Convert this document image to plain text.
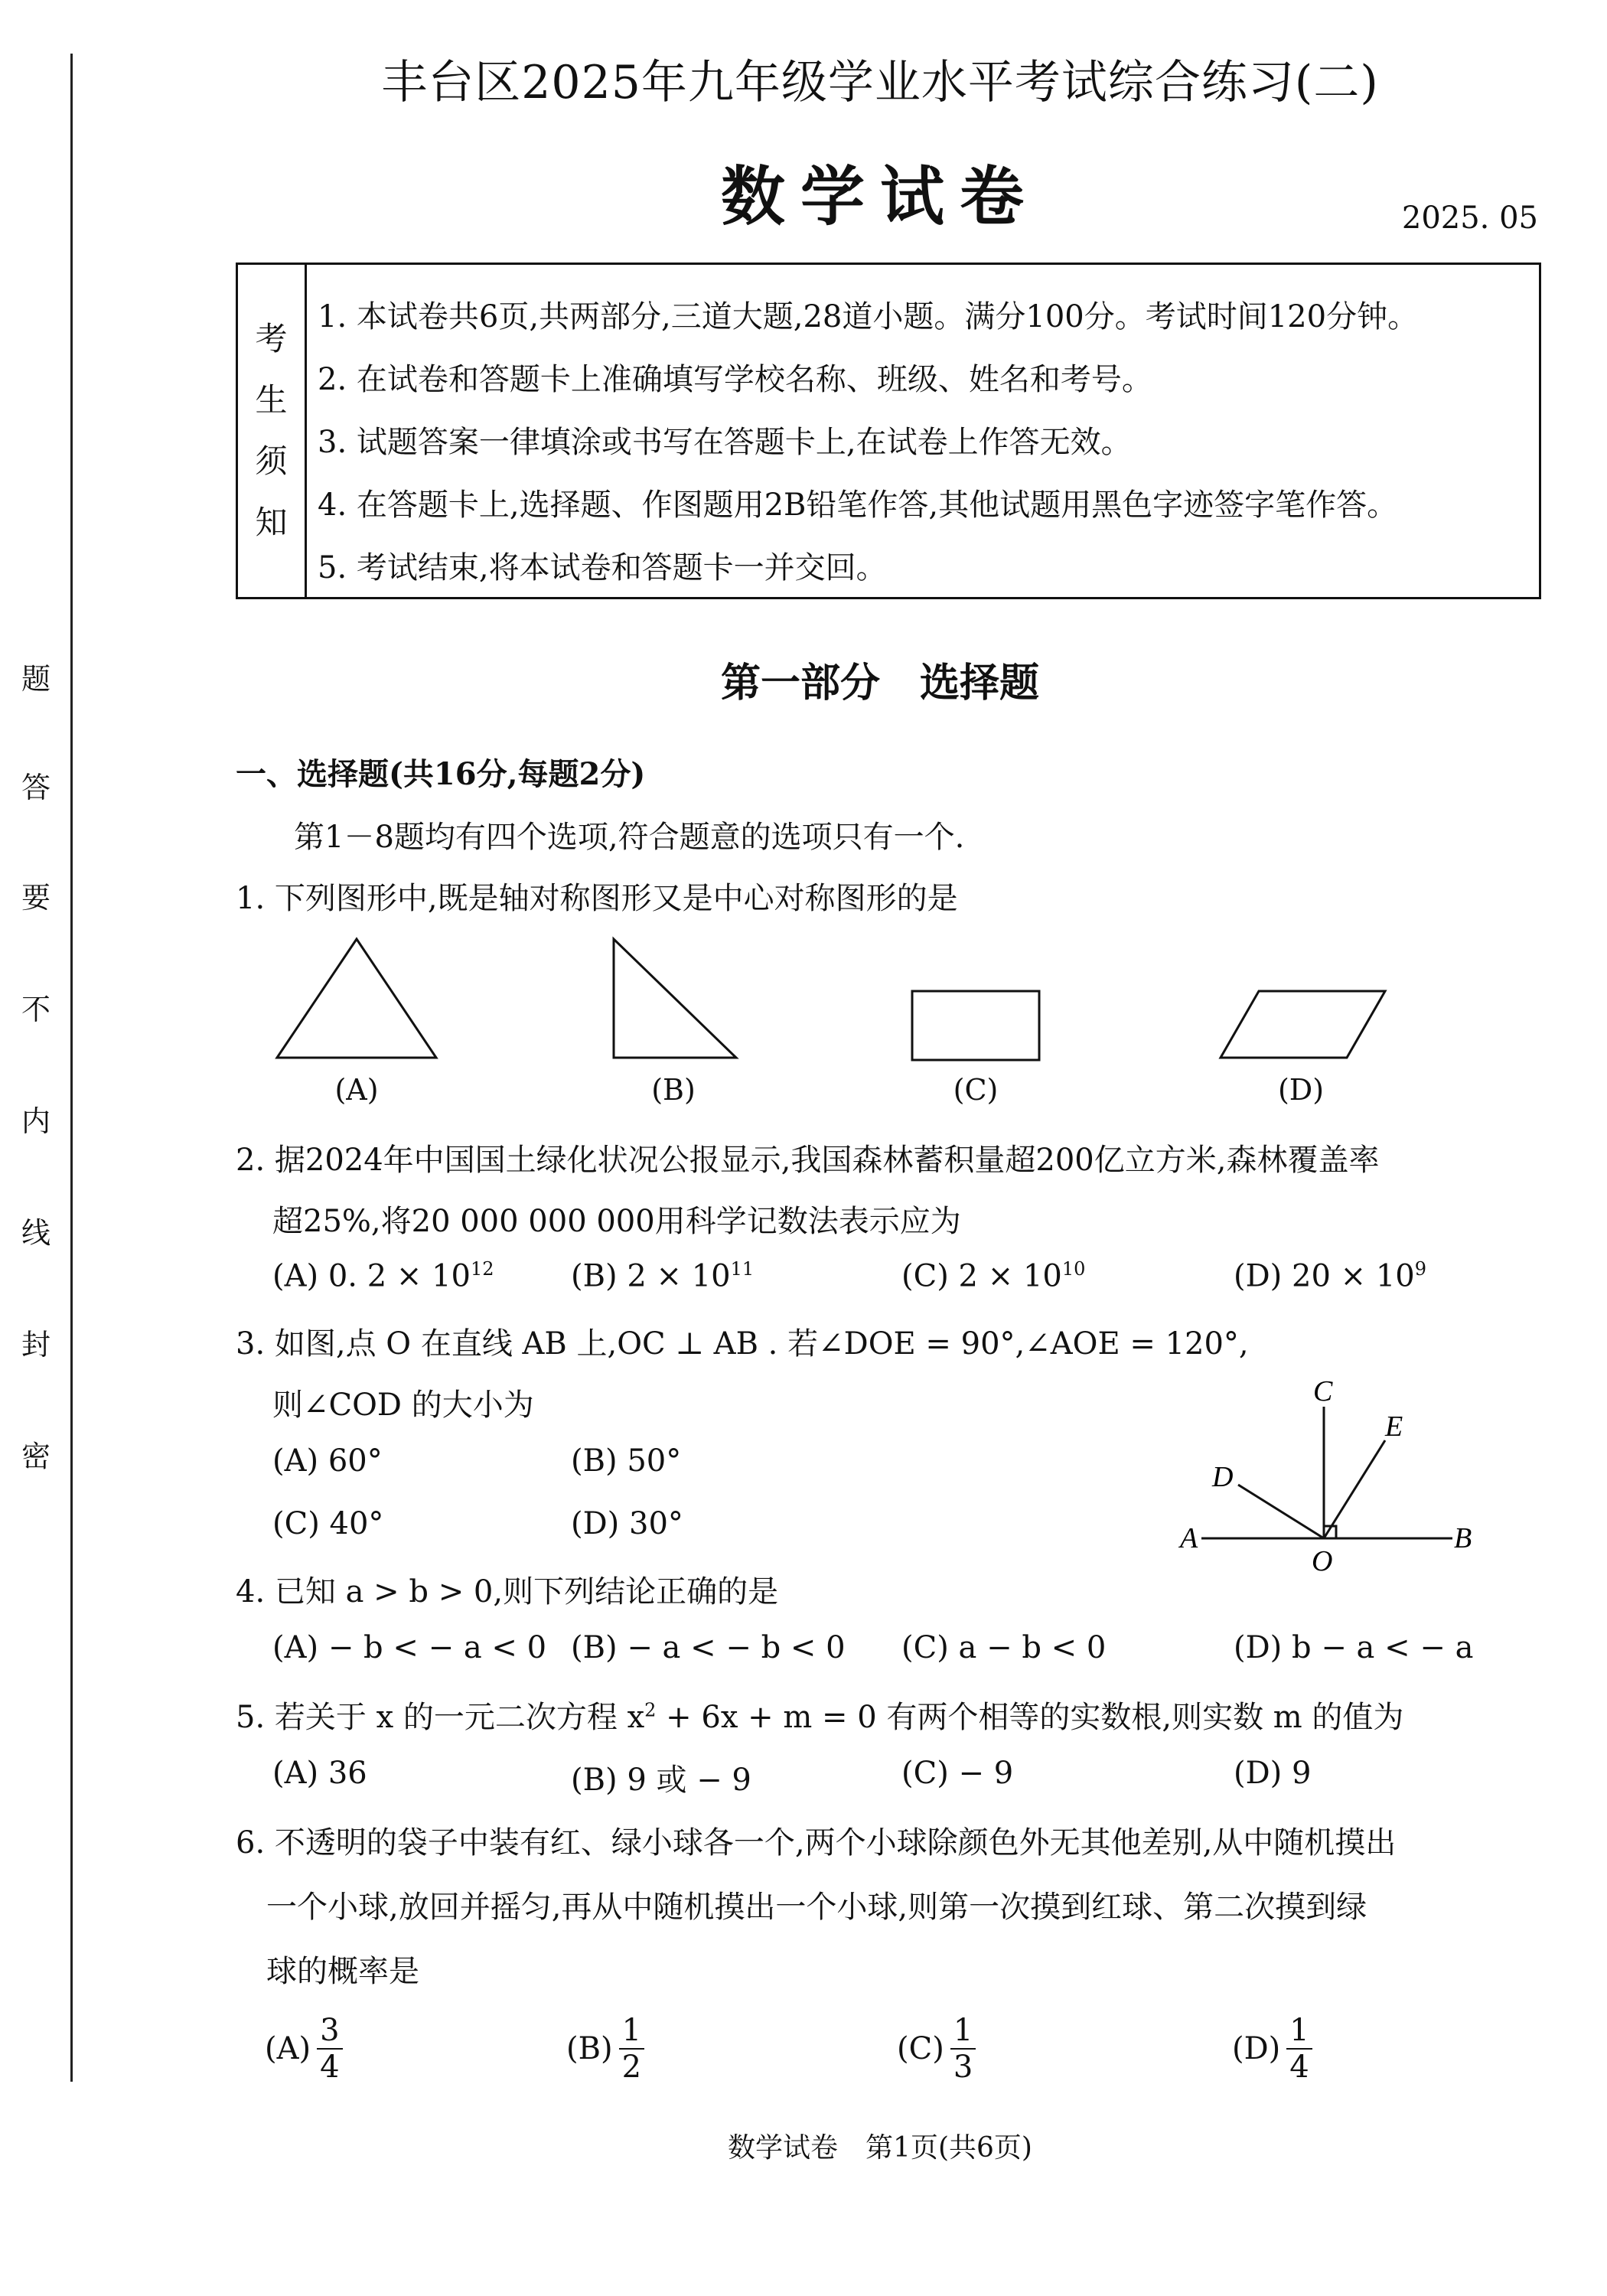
题
答
要
不
内
线
封
密
丰台区2025年九年级学业水平考试综合练习(二)
数学试卷	2025. 05
考
生
须
知
1. 本试卷共6页,共两部分,三道大题,28道小题。满分100分。考试时间120分钟。
2. 在试卷和答题卡上准确填写学校名称、班级、姓名和考号。
3. 试题答案一律填涂或书写在答题卡上,在试卷上作答无效。
4. 在答题卡上,选择题、作图题用2B铅笔作答,其他试题用黑色字迹签字笔作答。
5. 考试结束,将本试卷和答题卡一并交回。
第一部分　选择题
一、选择题(共16分,每题2分)
第1－8题均有四个选项,符合题意的选项只有一个.
1. 下列图形中,既是轴对称图形又是中心对称图形的是
(A)	(B)	(C)	(D)
2. 据2024年中国国土绿化状况公报显示,我国森林蓄积量超200亿立方米,森林覆盖率
超25%,将20 000 000 000用科学记数法表示应为
(A) 0. $2 \times 10^{12}$	(B) $2 \times 10^{11}$	(C) $2 \times 10^{10}$	(D) $20 \times 10^9$
3. 如图,点 O 在直线 AB 上,OC ⊥ AB . 若∠DOE = 90°,∠AOE = 120°,
则∠COD 的大小为
(A) 60°	(B) 50°
(C) 40°	(D) 30°	A	B
C
E
D
O
4. 已知 a > b > 0,则下列结论正确的是
(A) − b < − a < 0 (B) − a < − b < 0 (C) a − b < 0	(D) b − a < − a
5. 若关于 x 的一元二次方程 $x^2 + 6x + m = 0$ 有两个相等的实数根,则实数 m 的值为
(A) 36	(B) 9 或 − 9	(C) − 9	(D) 9
6. 不透明的袋子中装有红、绿小球各一个,两个小球除颜色外无其他差别,从中随机摸出
一个小球,放回并摇匀,再从中随机摸出一个小球,则第一次摸到红球、第二次摸到绿
球的概率是
$(A) \frac{3}{4}$	$(B) \frac{1}{2}$	$(C) \frac{1}{3}$	$(D) \frac{1}{4}$
数学试卷　第1页(共6页)
